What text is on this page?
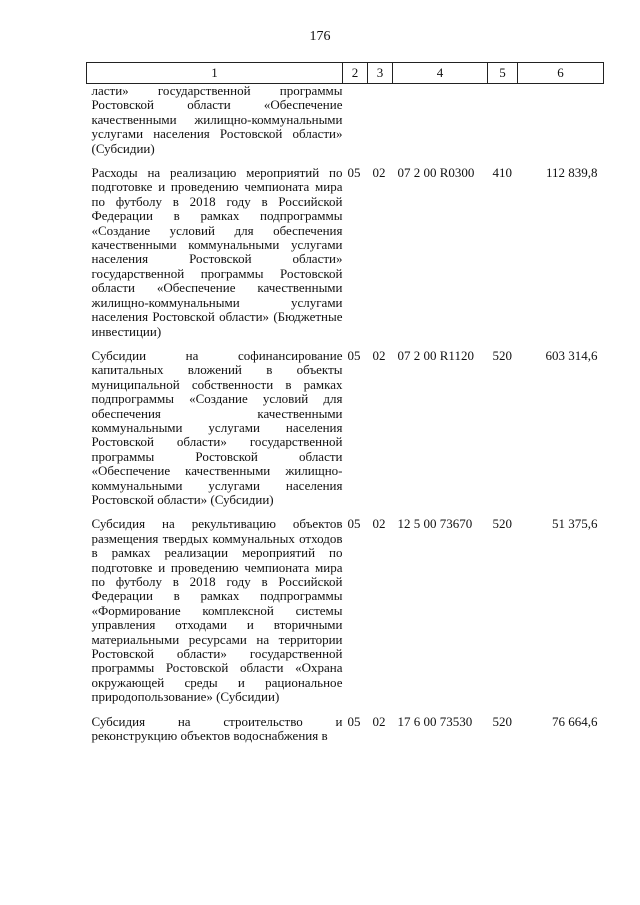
176
1	2	3	4	5	6
ласти» государственной программы Ростовской области «Обеспечение качественными жилищно-коммунальными услугами населения Ростовской области» (Субсидии)					
Расходы на реализацию мероприятий по подготовке и проведению чемпионата мира по футболу в 2018 году в Российской Федерации в рамках подпрограммы «Создание условий для обеспечения качественными коммунальными услугами населения Ростовской области» государственной программы Ростовской области «Обеспечение качественными жилищно-коммунальными услугами населения Ростовской области» (Бюджетные инвестиции)	05	02	07 2 00 R0300	410	112 839,8
Субсидии на софинансирование капитальных вложений в объекты муниципальной собственности в рамках подпрограммы «Создание условий для обеспечения качественными коммунальными услугами населения Ростовской области» государственной программы Ростовской области «Обеспечение качественными жилищно-коммунальными услугами населения Ростовской области» (Субсидии)	05	02	07 2 00 R1120	520	603 314,6
Субсидия на рекультивацию объектов размещения твердых коммунальных отходов в рамках реализации мероприятий по подготовке и проведению чемпионата мира по футболу в 2018 году в Российской Федерации в рамках подпрограммы «Формирование комплексной системы управления отходами и вторичными материальными ресурсами на территории Ростовской области» государственной программы Ростовской области «Охрана окружающей среды и рациональное природопользование» (Субсидии)	05	02	12 5 00 73670	520	51 375,6
Субсидия на строительство и реконструкцию объектов водоснабжения в	05	02	17 6 00 73530	520	76 664,6
